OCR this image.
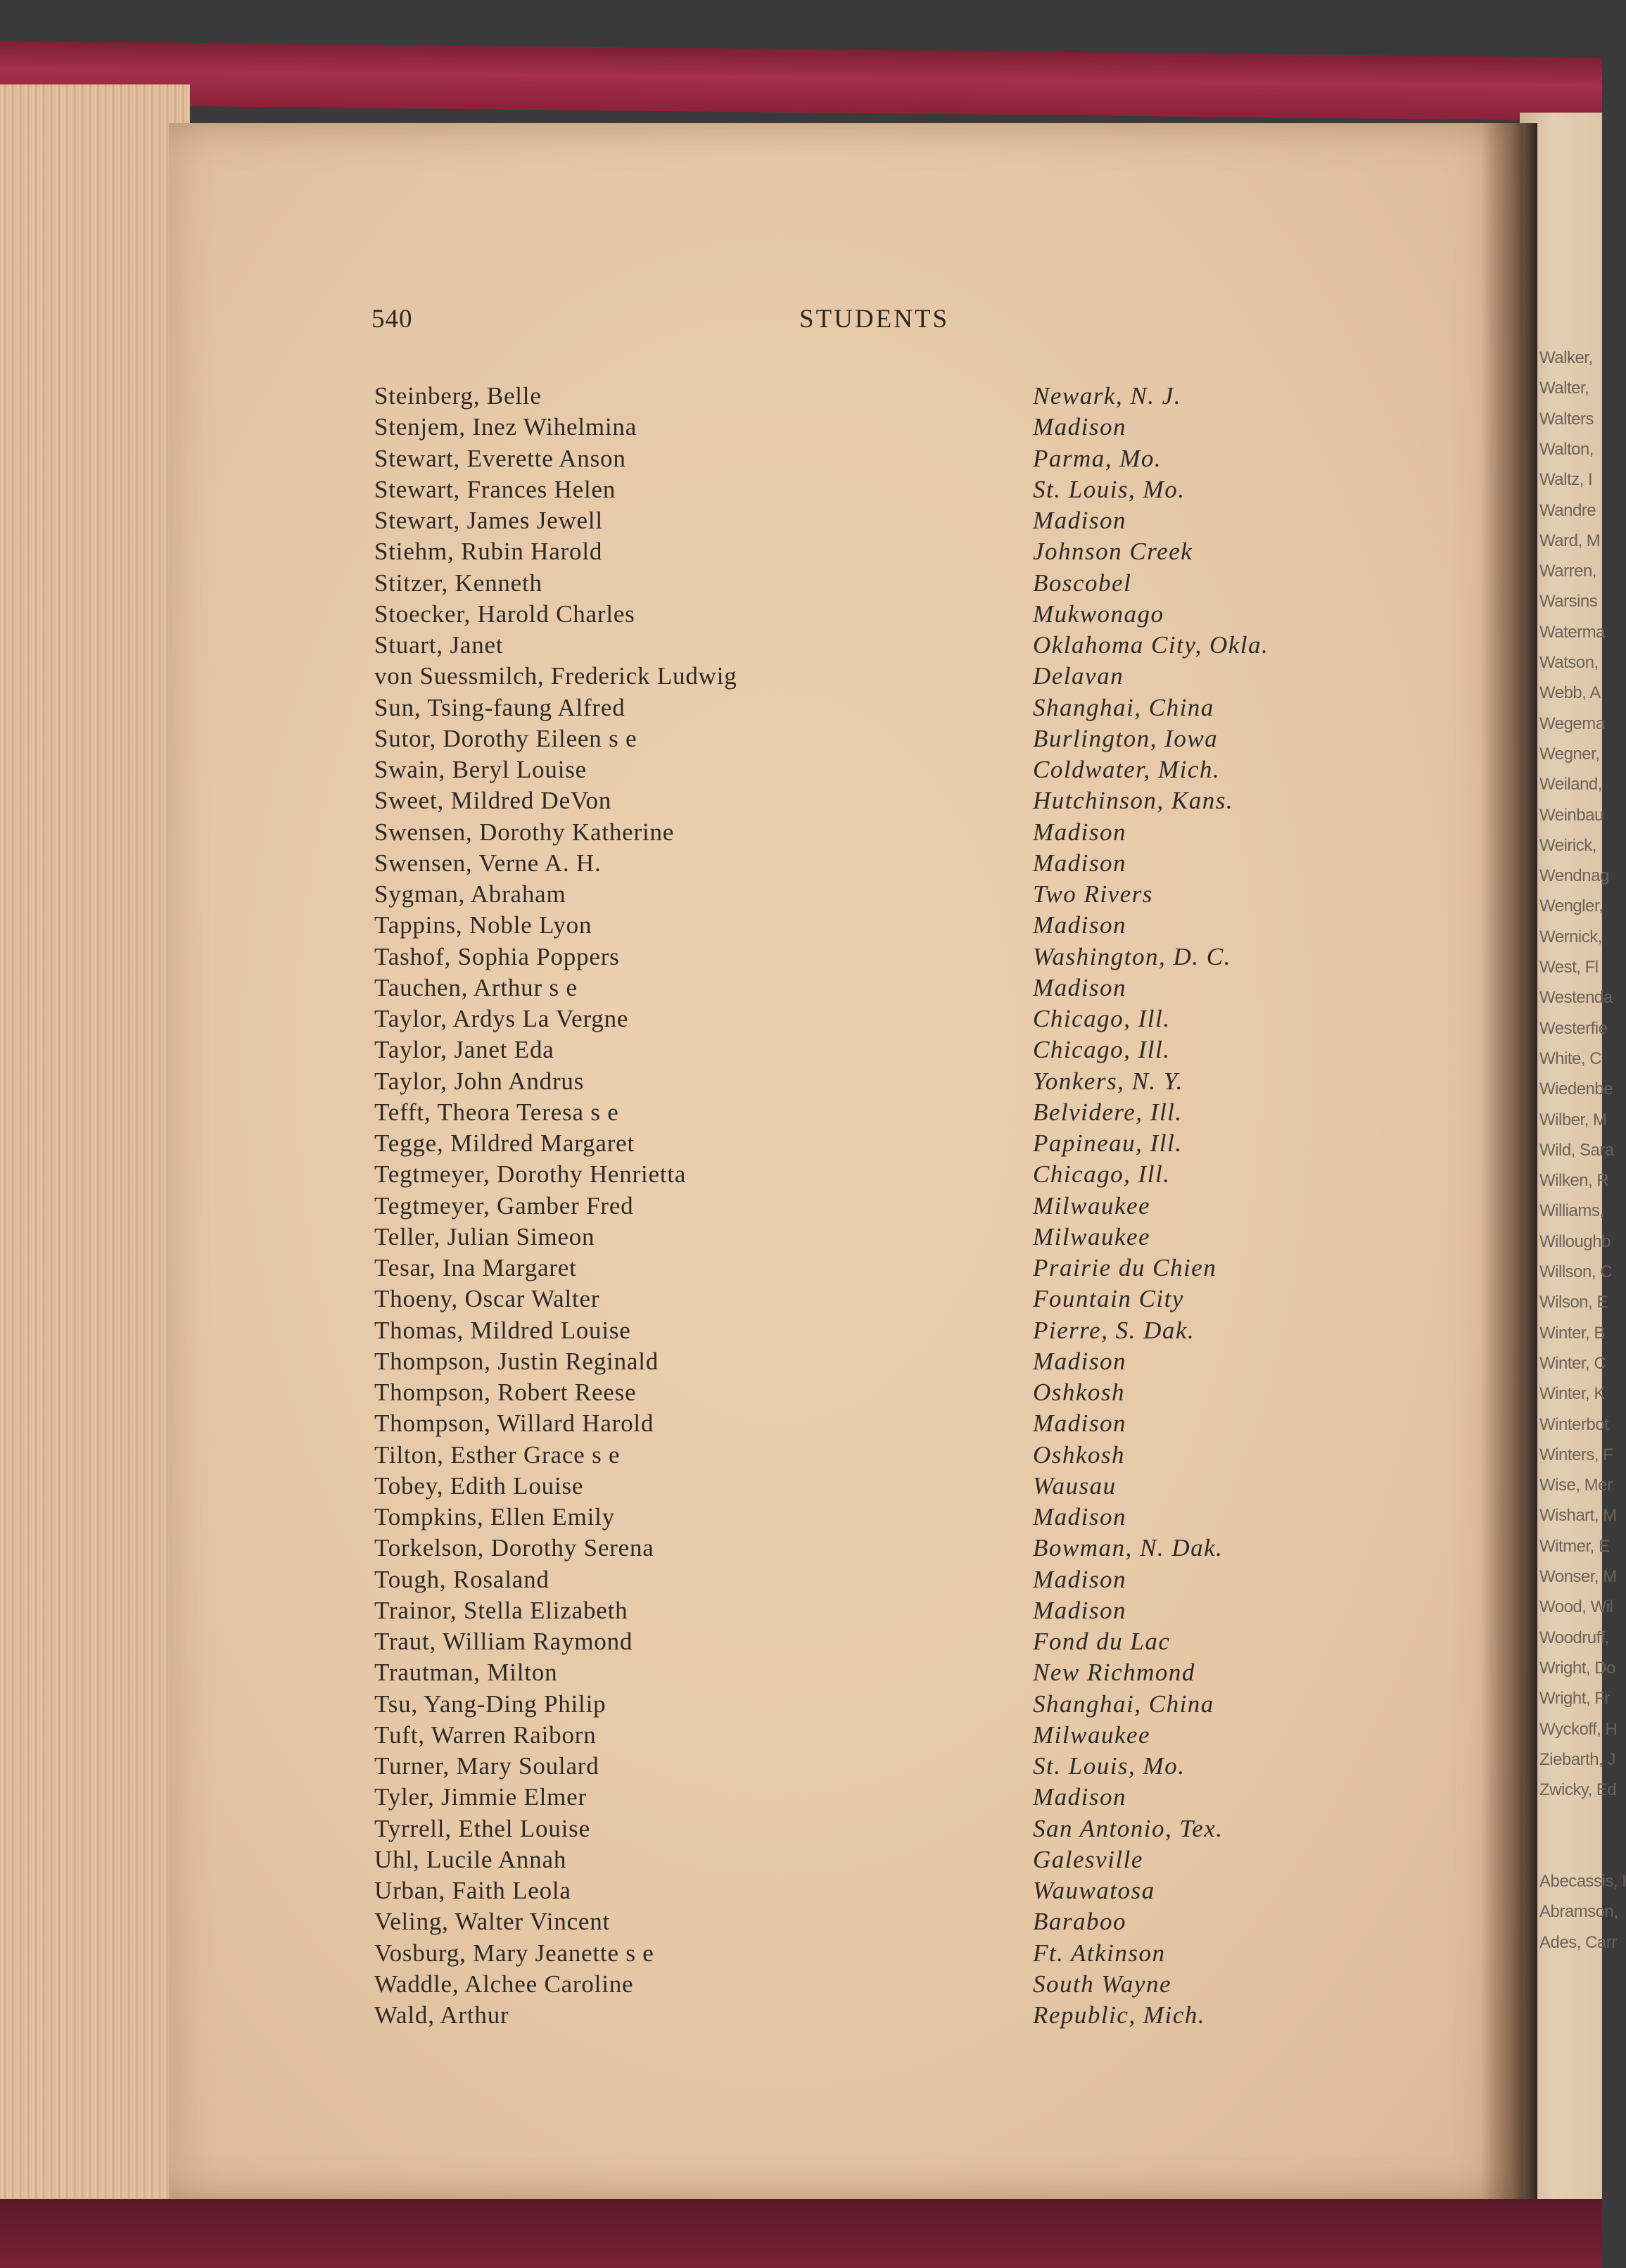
Walker,
Walter,
Walters
Walton,
Waltz, I
Wandre
Ward, M
Warren,
Warsins
Waterma
Watson,
Webb, A
Wegema
Wegner,
Weiland,
Weinbau
Weirick,
Wendnag
Wengler,
Wernick,
West, Fl
Westenda
Westerfie
White, C
Wiedenbe
Wilber, M
Wild, Sara
Wilken, R
Williams,
Willoughb
Willson, C
Wilson, E
Winter, B
Winter, C
Winter, K
Winterbot
Winters, F
Wise, Mer
Wishart, M
Witmer, E
Wonser, M
Wood, Wil
Woodruff,
Wright, Do
Wright, Fr
Wyckoff, H
Ziebarth, J
Zwicky, Ed
Abecassis, I
Abramson,
Ades, Carr
540	STUDENTS
Steinberg, Belle	Newark, N. J.
Stenjem, Inez Wihelmina	Madison
Stewart, Everette Anson	Parma, Mo.
Stewart, Frances Helen	St. Louis, Mo.
Stewart, James Jewell	Madison
Stiehm, Rubin Harold	Johnson Creek
Stitzer, Kenneth	Boscobel
Stoecker, Harold Charles	Mukwonago
Stuart, Janet	Oklahoma City, Okla.
von Suessmilch, Frederick Ludwig	Delavan
Sun, Tsing-faung Alfred	Shanghai, China
Sutor, Dorothy Eileen s e	Burlington, Iowa
Swain, Beryl Louise	Coldwater, Mich.
Sweet, Mildred DeVon	Hutchinson, Kans.
Swensen, Dorothy Katherine	Madison
Swensen, Verne A. H.	Madison
Sygman, Abraham	Two Rivers
Tappins, Noble Lyon	Madison
Tashof, Sophia Poppers	Washington, D. C.
Tauchen, Arthur s e	Madison
Taylor, Ardys La Vergne	Chicago, Ill.
Taylor, Janet Eda	Chicago, Ill.
Taylor, John Andrus	Yonkers, N. Y.
Tefft, Theora Teresa s e	Belvidere, Ill.
Tegge, Mildred Margaret	Papineau, Ill.
Tegtmeyer, Dorothy Henrietta	Chicago, Ill.
Tegtmeyer, Gamber Fred	Milwaukee
Teller, Julian Simeon	Milwaukee
Tesar, Ina Margaret	Prairie du Chien
Thoeny, Oscar Walter	Fountain City
Thomas, Mildred Louise	Pierre, S. Dak.
Thompson, Justin Reginald	Madison
Thompson, Robert Reese	Oshkosh
Thompson, Willard Harold	Madison
Tilton, Esther Grace s e	Oshkosh
Tobey, Edith Louise	Wausau
Tompkins, Ellen Emily	Madison
Torkelson, Dorothy Serena	Bowman, N. Dak.
Tough, Rosaland	Madison
Trainor, Stella Elizabeth	Madison
Traut, William Raymond	Fond du Lac
Trautman, Milton	New Richmond
Tsu, Yang-Ding Philip	Shanghai, China
Tuft, Warren Raiborn	Milwaukee
Turner, Mary Soulard	St. Louis, Mo.
Tyler, Jimmie Elmer	Madison
Tyrrell, Ethel Louise	San Antonio, Tex.
Uhl, Lucile Annah	Galesville
Urban, Faith Leola	Wauwatosa
Veling, Walter Vincent	Baraboo
Vosburg, Mary Jeanette s e	Ft. Atkinson
Waddle, Alchee Caroline	South Wayne
Wald, Arthur	Republic, Mich.
